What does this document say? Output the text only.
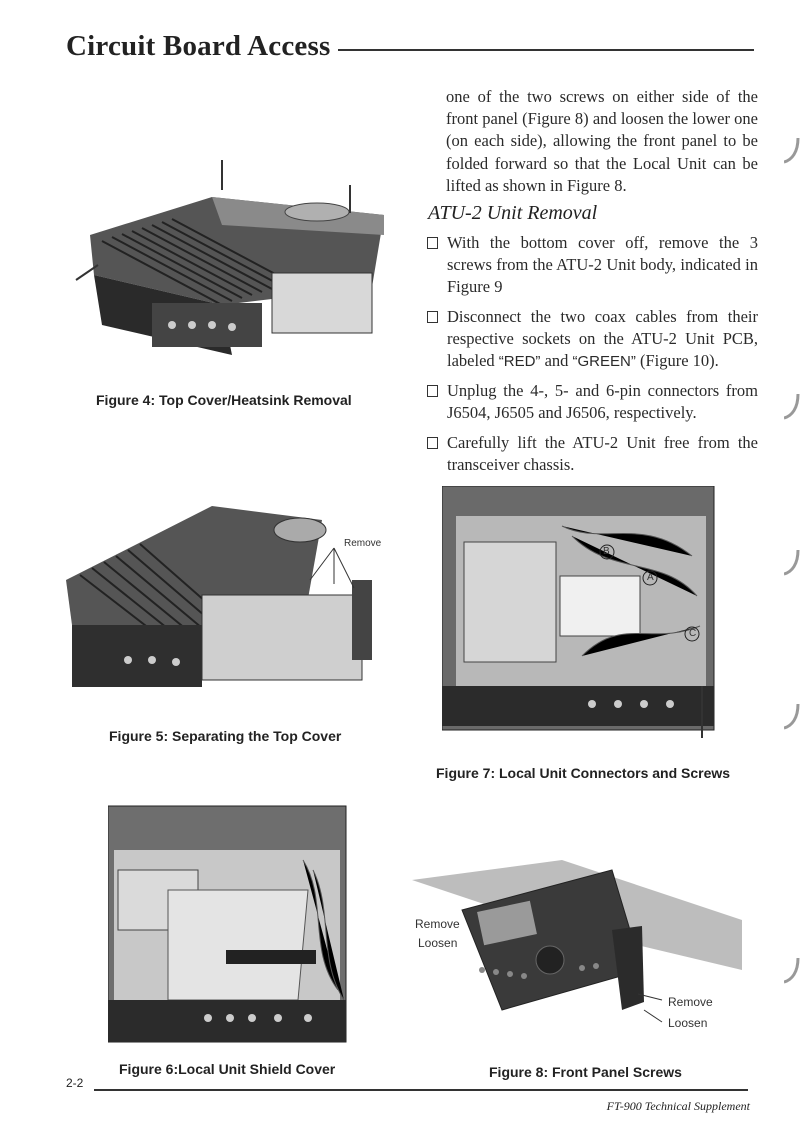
Circuit Board Access
one of the two screws on either side of the front panel (Figure 8) and loosen the lower one (on each side), allowing the front panel to be folded forward so that the Local Unit can be lifted as shown in Figure 8.
ATU-2 Unit Removal
With the bottom cover off, remove the 3 screws from the ATU-2 Unit body, indicated in Figure 9
Disconnect the two coax cables from their respective sockets on the ATU-2 Unit PCB, labeled “RED” and “GREEN” (Figure 10).
Unplug the 4-, 5- and 6-pin connectors from J6504, J6505 and J6506, respectively.
Carefully lift the ATU-2 Unit free from the transceiver chassis.
Figure 4: Top Cover/Heatsink Removal
Remove
Figure 5: Separating the Top Cover
B
A
C
Figure 7: Local Unit Connectors and Screws
Figure 6:Local Unit Shield Cover
Remove
Loosen
Remove
Loosen
Figure 8: Front Panel Screws
2-2
FT-900 Technical Supplement
